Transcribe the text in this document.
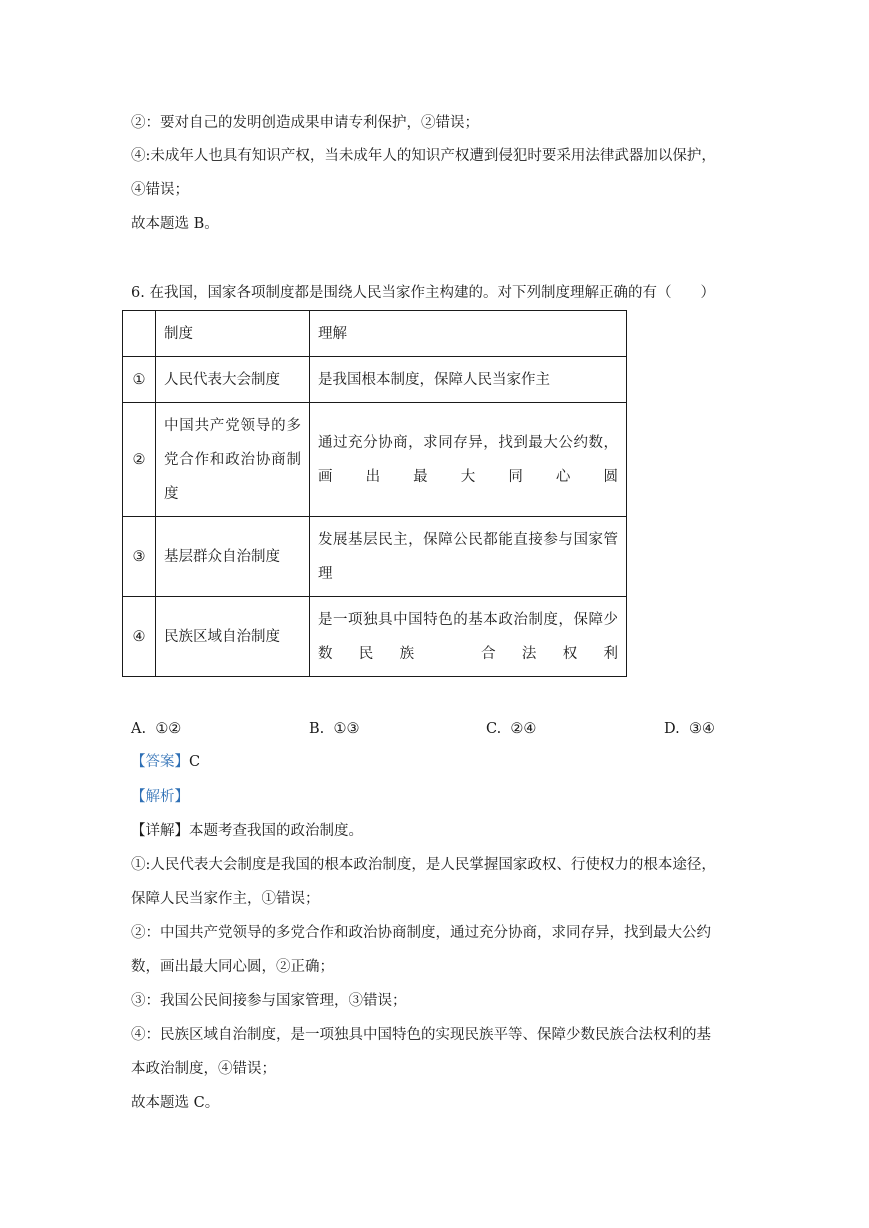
②：要对自己的发明创造成果申请专利保护，②错误；
④:未成年人也具有知识产权，当未成年人的知识产权遭到侵犯时要采用法律武器加以保护，
④错误；
故本题选 B。
6. 在我国，国家各项制度都是围绕人民当家作主构建的。对下列制度理解正确的有（　　）
	制度	理解
①	人民代表大会制度	是我国根本制度，保障人民当家作主
②	中国共产党领导的多党合作和政治协商制度	通过充分协商，求同存异，找到最大公约数，画出最大同心圆
③	基层群众自治制度	发展基层民主，保障公民都能直接参与国家管理
④	民族区域自治制度	是一项独具中国特色的基本政治制度，保障少数民族　合法权利
A. ①②	B. ①③	C. ②④	D. ③④
【答案】C
【解析】
【详解】本题考查我国的政治制度。
①:人民代表大会制度是我国的根本政治制度，是人民掌握国家政权、行使权力的根本途径，
保障人民当家作主，①错误；
②：中国共产党领导的多党合作和政治协商制度，通过充分协商，求同存异，找到最大公约
数，画出最大同心圆，②正确；
③：我国公民间接参与国家管理，③错误；
④：民族区域自治制度，是一项独具中国特色的实现民族平等、保障少数民族合法权利的基
本政治制度，④错误；
故本题选 C。
